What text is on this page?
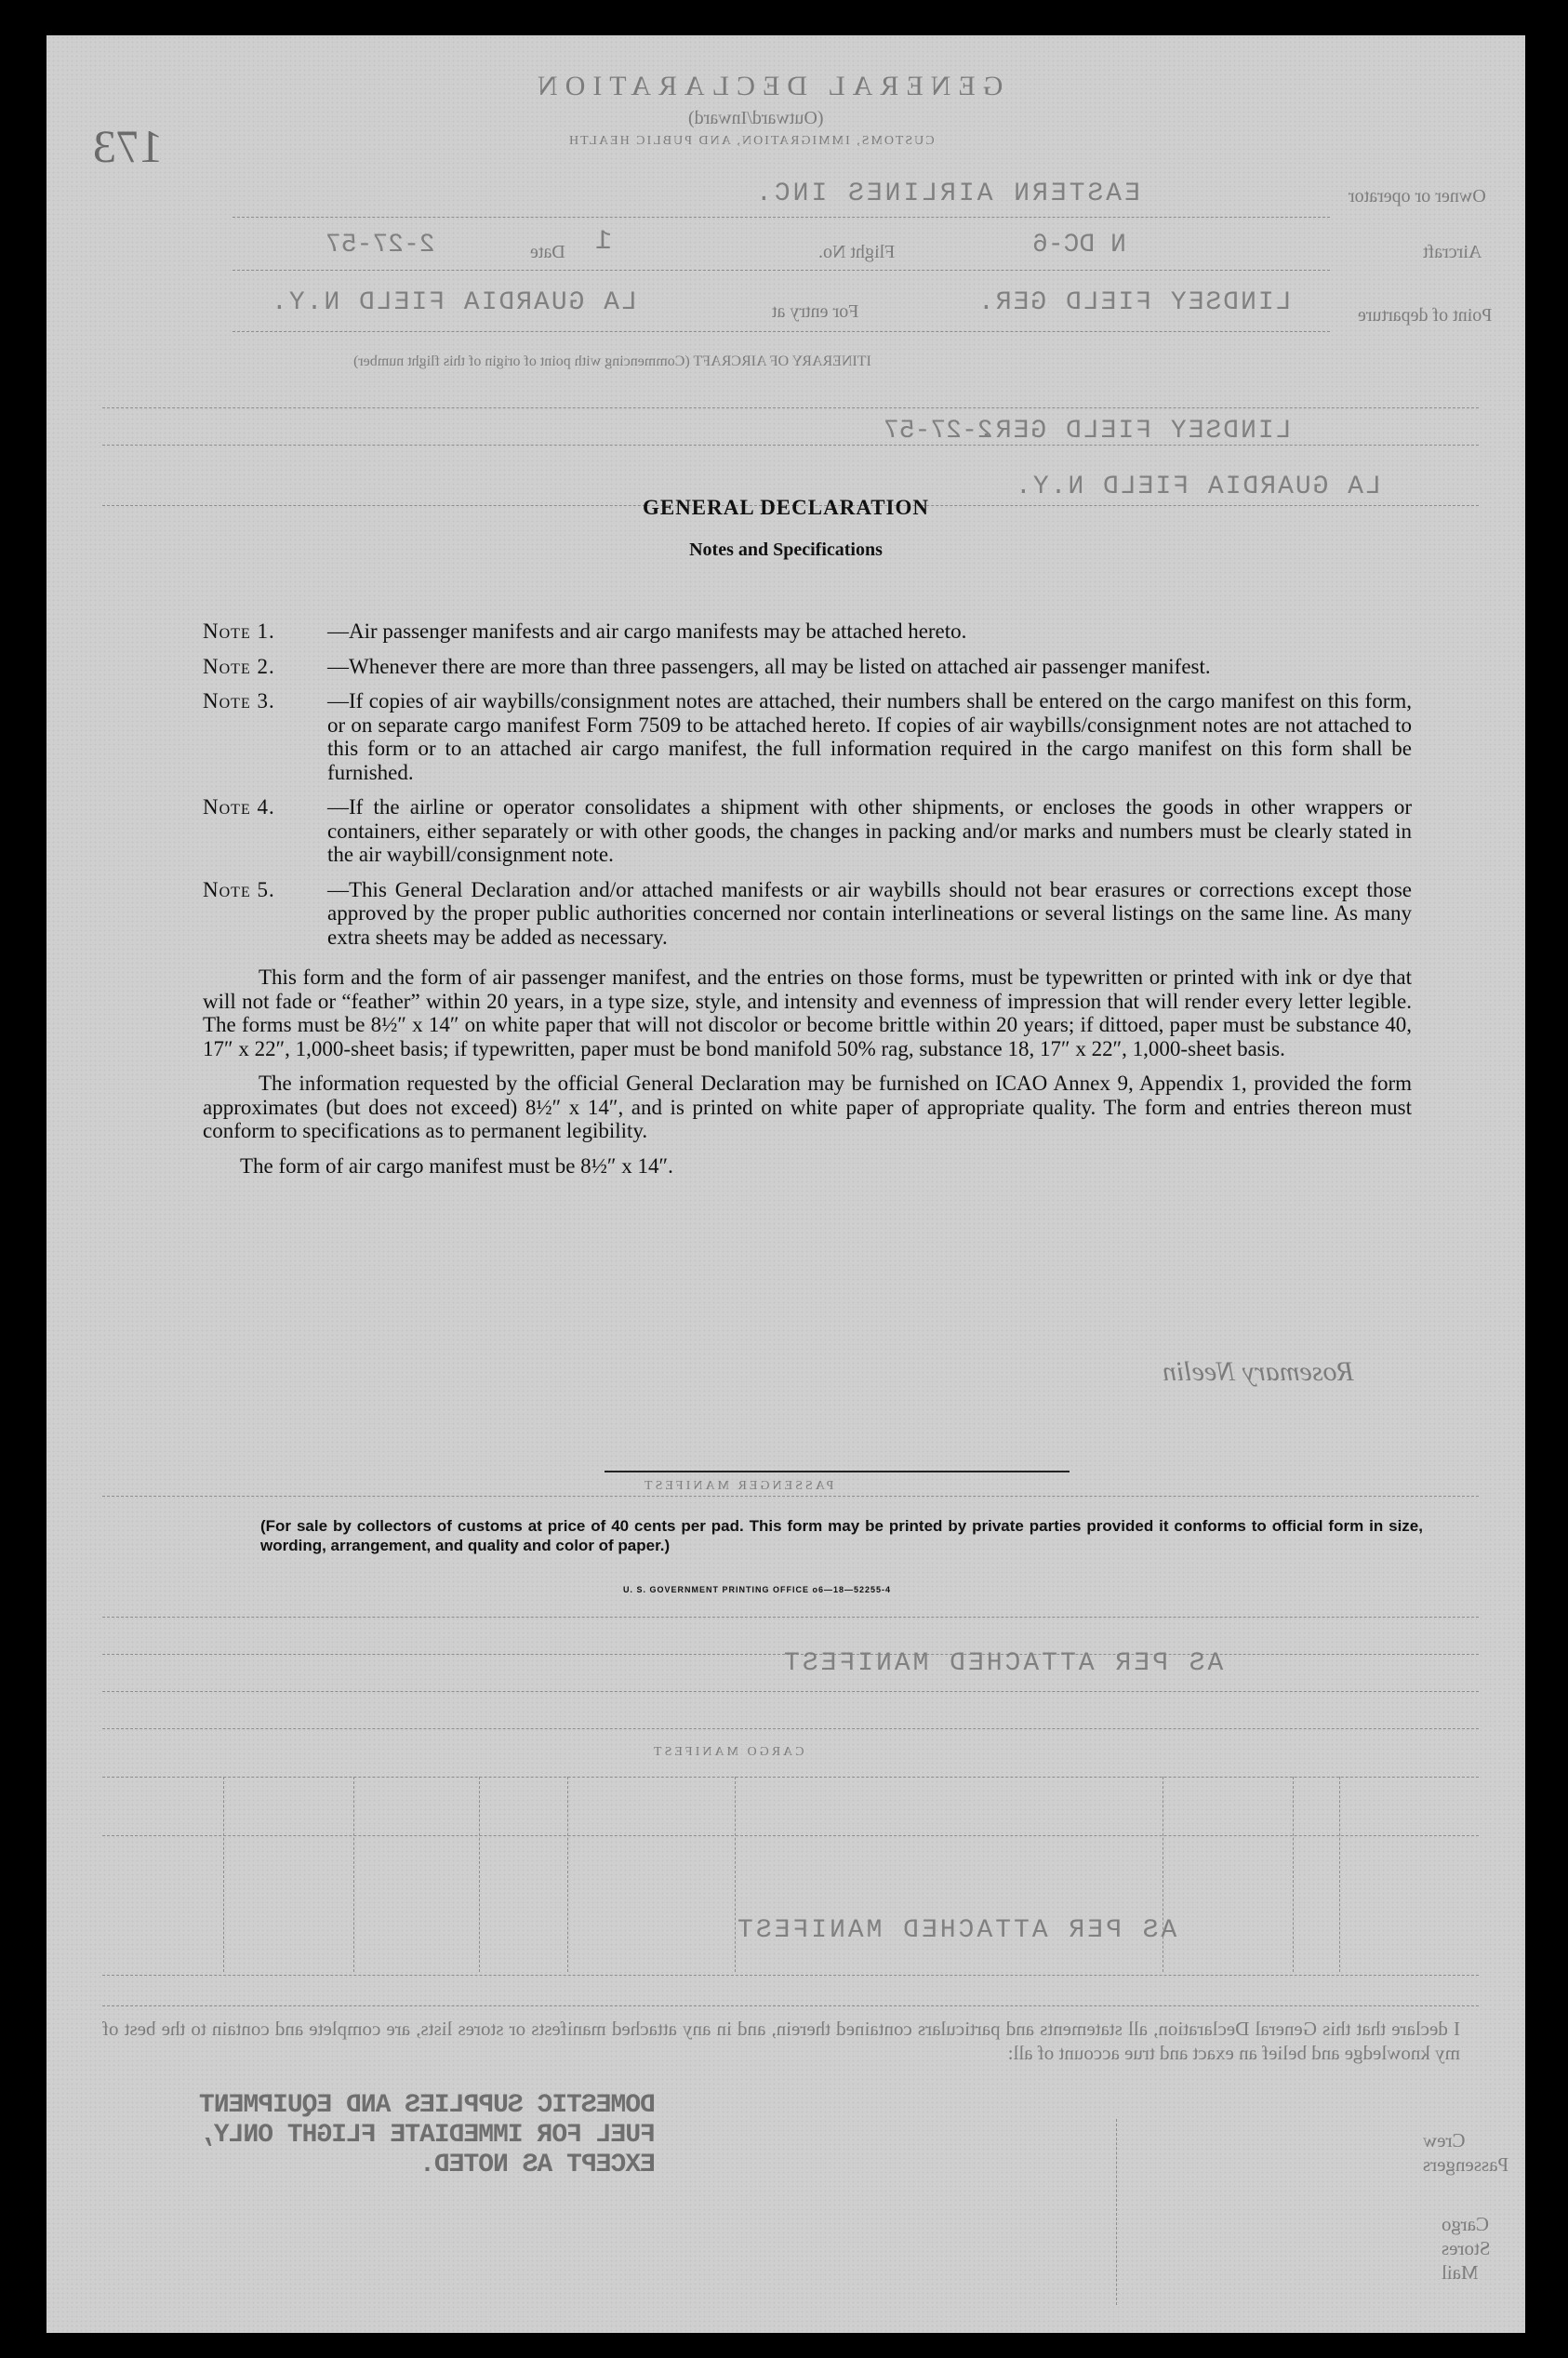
173
GENERAL DECLARATION
(Outward/Inward)
CUSTOMS, IMMIGRATION, AND PUBLIC HEALTH
Owner or operator
EASTERN AIRLINES INC.
Aircraft
N DC-6
Flight No.
1
Date
2-27-57
Point of departure
LINDSEY FIELD GER.
For entry at
LA GUARDIA FIELD N.Y.
ITINERARY OF AIRCRAFT (Commencing with point of origin of this flight number)
LINDSEY FIELD GER.
2-27-57
LA GUARDIA FIELD N.Y.
PASSENGER MANIFEST
AS PER ATTACHED MANIFEST
CARGO MANIFEST
AS PER ATTACHED MANIFEST
I declare that this General Declaration, all statements and particulars contained therein, and in any attached manifests or stores lists, are complete and contain to the best of my knowledge and belief an exact and true account of all:
DOMESTIC SUPPLIES AND EQUIPMENT
FUEL FOR IMMEDIATE FLIGHT ONLY,
EXCEPT AS NOTED.
Crew
Passengers
Cargo
Stores
Mail
Rosemary Neelin
GENERAL DECLARATION
Notes and Specifications
Note 1.	—Air passenger manifests and air cargo manifests may be attached hereto.
Note 2.	—Whenever there are more than three passengers, all may be listed on attached air passenger manifest.
Note 3.	—If copies of air waybills/consignment notes are attached, their numbers shall be entered on the cargo manifest on this form, or on separate cargo manifest Form 7509 to be attached hereto. If copies of air waybills/consignment notes are not attached to this form or to an attached air cargo manifest, the full information required in the cargo manifest on this form shall be furnished.
Note 4.	—If the airline or operator consolidates a shipment with other shipments, or encloses the goods in other wrappers or containers, either separately or with other goods, the changes in packing and/or marks and numbers must be clearly stated in the air waybill/consignment note.
Note 5.	—This General Declaration and/or attached manifests or air waybills should not bear erasures or corrections except those approved by the proper public authorities concerned nor contain interlineations or several listings on the same line. As many extra sheets may be added as necessary.
This form and the form of air passenger manifest, and the entries on those forms, must be typewritten or printed with ink or dye that will not fade or “feather” within 20 years, in a type size, style, and intensity and evenness of impression that will render every letter legible. The forms must be 8½″ x 14″ on white paper that will not discolor or become brittle within 20 years; if dittoed, paper must be substance 40, 17″ x 22″, 1,000-sheet basis; if typewritten, paper must be bond manifold 50% rag, substance 18, 17″ x 22″, 1,000-sheet basis.
The information requested by the official General Declaration may be furnished on ICAO Annex 9, Appendix 1, provided the form approximates (but does not exceed) 8½″ x 14″, and is printed on white paper of appropriate quality. The form and entries thereon must conform to specifications as to permanent legibility.
The form of air cargo manifest must be 8½″ x 14″.
(For sale by collectors of customs at price of 40 cents per pad. This form may be printed by private parties provided it conforms to official form in size, wording, arrangement, and quality and color of paper.)
U. S. GOVERNMENT PRINTING OFFICE o6—18—52255-4
